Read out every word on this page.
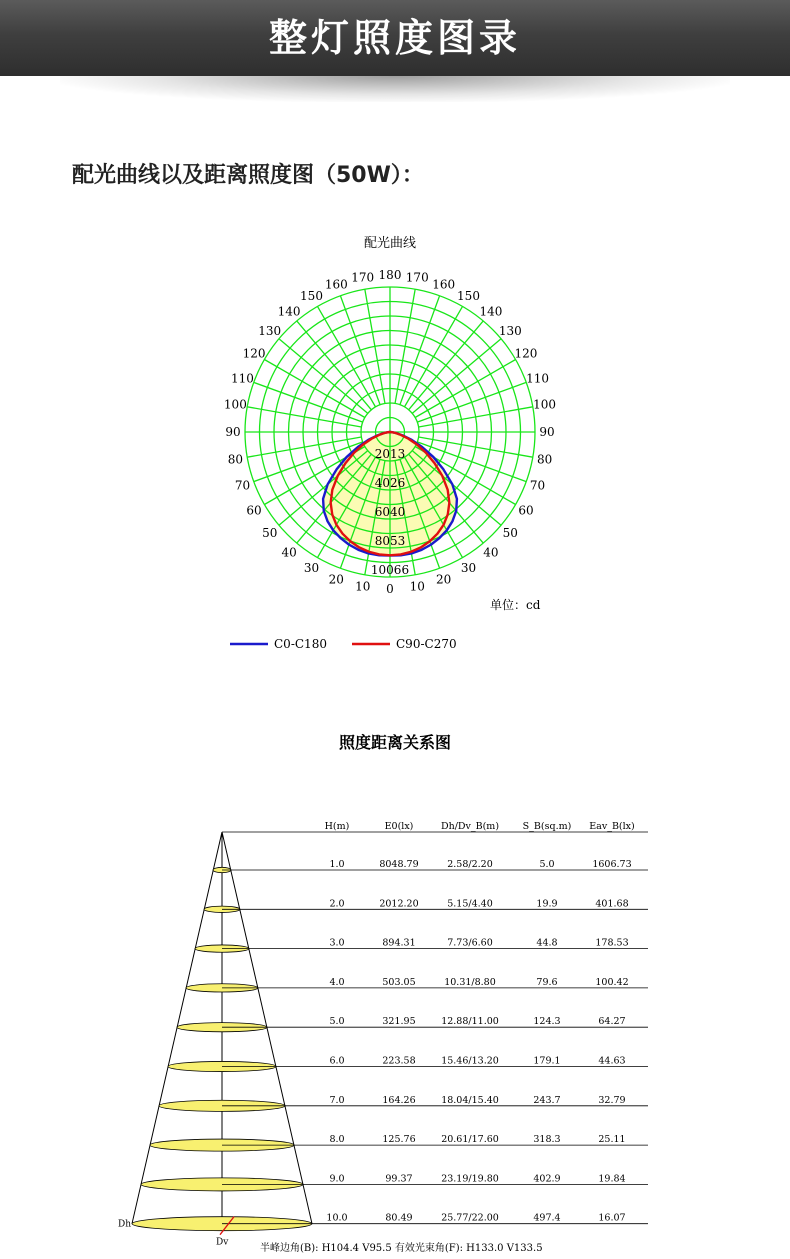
整灯照度图录
配光曲线以及距离照度图（50W）：
配光曲线
0 10
20
30
40
50
60
70
80
90
100
110
120
130
140
150
160
170
180
10
20
30
40
50
60
70
80
90
100
110
120
130
140
150
160
170
2013
4026
6040
8053
10066
单位：cd
C0-C180	C90-C270
照度距离关系图
Dh
Dv
H(m)	E0(lx)	Dh/Dv_B(m) S_B(sq.m) Eav_B(lx)
1.0	8048.79	2.58/2.20	5.0	1606.73
2.0	2012.20	5.15/4.40	19.9	401.68
3.0	894.31	7.73/6.60	44.8	178.53
4.0	503.05	10.31/8.80	79.6	100.42
5.0	321.95	12.88/11.00	124.3	64.27
6.0	223.58	15.46/13.20	179.1	44.63
7.0	164.26	18.04/15.40	243.7	32.79
8.0	125.76	20.61/17.60	318.3	25.11
9.0	99.37	23.19/19.80	402.9	19.84
10.0	80.49	25.77/22.00	497.4	16.07
半峰边角(B): H104.4 V95.5 有效光束角(F): H133.0 V133.5
